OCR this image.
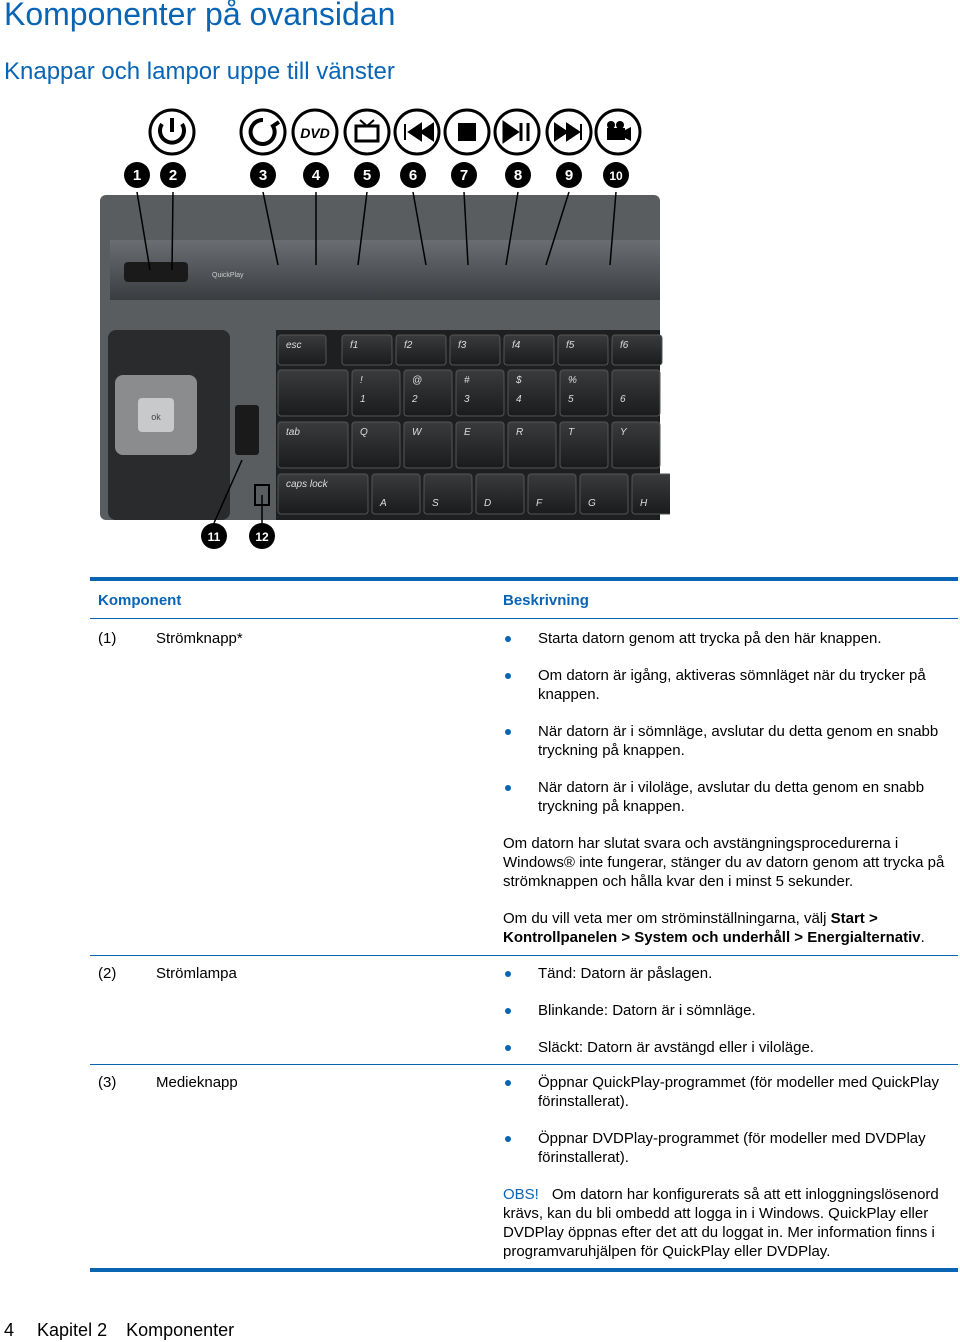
Komponenter på ovansidan
Knappar och lampor uppe till vänster
DVD
QuickPlay
ok
esc	f1	f2	f3	f4	f5	f6
!
1
@
2
#
3
$
4
%
5	6
tab	Q	W	E	R	T	Y
caps lock
A	S	D	F	G	H
1 2	3	4	5	6	7	8	9	10
11	12
Komponent	Beskrivning
(1)	Strömknapp*	Starta datorn genom att trycka på den här knappen.
Om datorn är igång, aktiveras sömnläget när du trycker på
knappen.
När datorn är i sömnläge, avslutar du detta genom en snabb
tryckning på knappen.
När datorn är i viloläge, avslutar du detta genom en snabb
tryckning på knappen.
Om datorn har slutat svara och avstängningsprocedurerna i
Windows® inte fungerar, stänger du av datorn genom att trycka på
strömknappen och hålla kvar den i minst 5 sekunder.
Om du vill veta mer om ströminställningarna, välj Start >
Kontrollpanelen > System och underhåll > Energialternativ.
(2)	Strömlampa	Tänd: Datorn är påslagen.
Blinkande: Datorn är i sömnläge.
Släckt: Datorn är avstängd eller i viloläge.
(3)	Medieknapp	Öppnar QuickPlay-programmet (för modeller med QuickPlay
förinstallerat).
Öppnar DVDPlay-programmet (för modeller med DVDPlay
förinstallerat).
OBS! Om datorn har konfigurerats så att ett inloggningslösenord
krävs, kan du bli ombedd att logga in i Windows. QuickPlay eller
DVDPlay öppnas efter det att du loggat in. Mer information finns i
programvaruhjälpen för QuickPlay eller DVDPlay.
4 Kapitel 2 Komponenter
